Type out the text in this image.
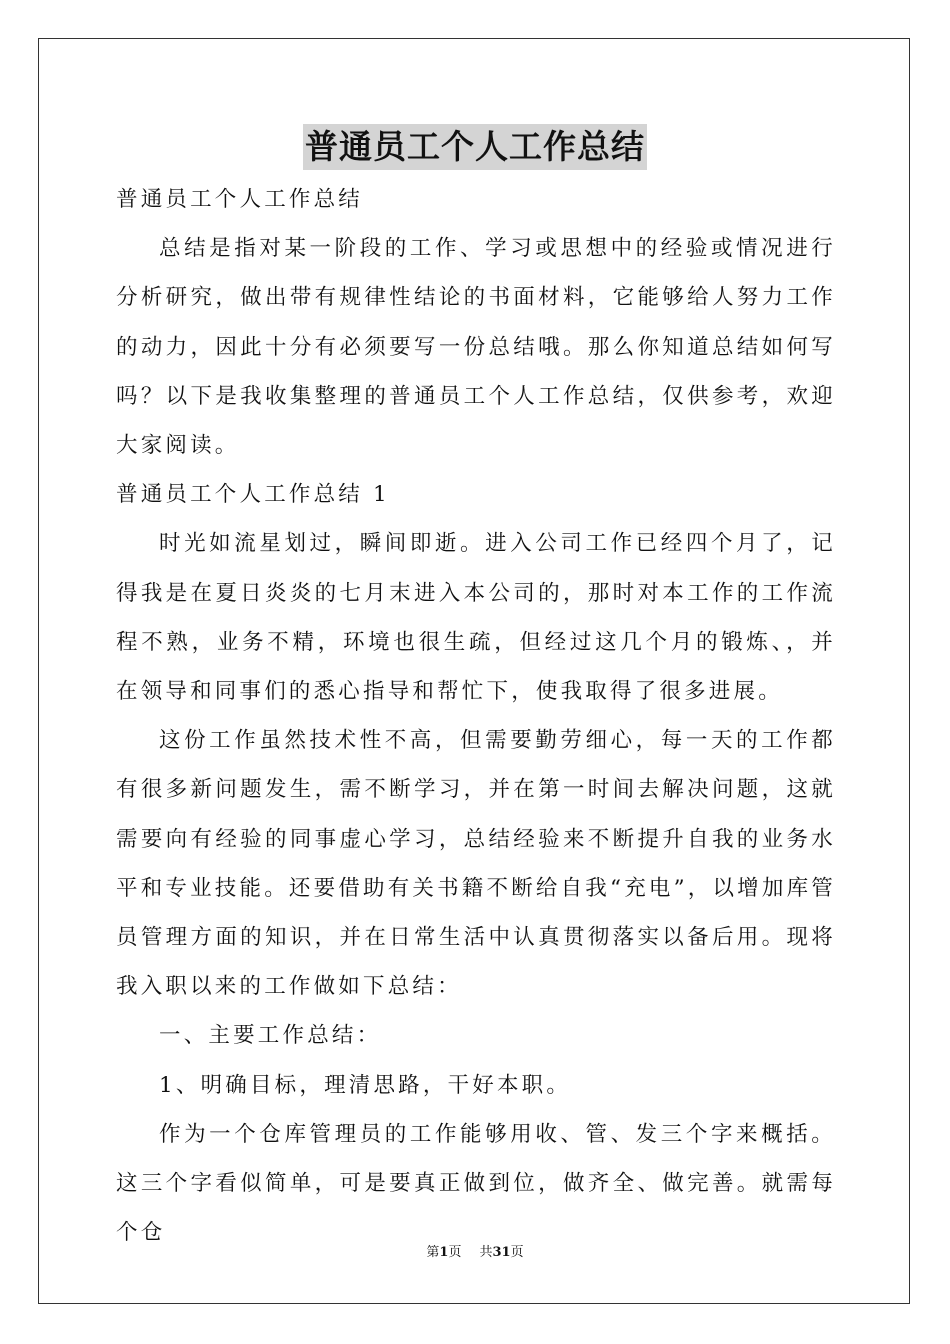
普通员工个人工作总结

普通员工个人工作总结

总结是指对某一阶段的工作、学习或思想中的经验或情况进行分析研究，做出带有规律性结论的书面材料，它能够给人努力工作的动力，因此十分有必须要写一份总结哦。那么你知道总结如何写吗？以下是我收集整理的普通员工个人工作总结，仅供参考，欢迎大家阅读。

普通员工个人工作总结 1

时光如流星划过，瞬间即逝。进入公司工作已经四个月了，记得我是在夏日炎炎的七月末进入本公司的，那时对本工作的工作流程不熟，业务不精，环境也很生疏，但经过这几个月的锻炼、，并在领导和同事们的悉心指导和帮忙下，使我取得了很多进展。

这份工作虽然技术性不高，但需要勤劳细心，每一天的工作都有很多新问题发生，需不断学习，并在第一时间去解决问题，这就需要向有经验的同事虚心学习，总结经验来不断提升自我的业务水平和专业技能。还要借助有关书籍不断给自我“充电”，以增加库管员管理方面的知识，并在日常生活中认真贯彻落实以备后用。现将我入职以来的工作做如下总结：

一、主要工作总结：

1、明确目标，理清思路，干好本职。

作为一个仓库管理员的工作能够用收、管、发三个字来概括。这三个字看似简单，可是要真正做到位，做齐全、做完善。就需每个仓

第1页 共31页
